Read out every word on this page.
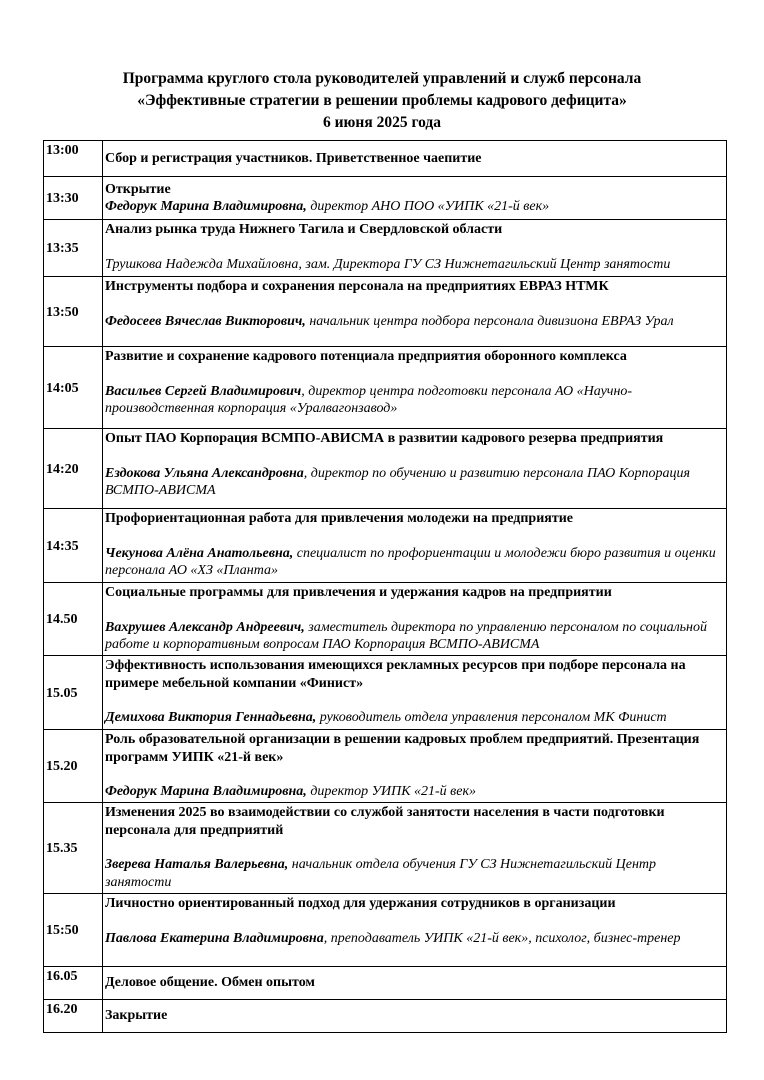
Программа круглого стола руководителей управлений и служб персонала
«Эффективные стратегии в решении проблемы кадрового дефицита»
6 июня 2025 года
13:00	Сбор и регистрация участников. Приветственное чаепитие

13:30	Открытие
Федорук Марина Владимировна, директор АНО ПОО «УИПК «21-й век»

13:35	Анализ рынка труда Нижнего Тагила и Свердловской области
Трушкова Надежда Михайловна, зам. Директора ГУ СЗ Нижнетагильский Центр занятости

13:50	Инструменты подбора и сохранения персонала на предприятиях ЕВРАЗ НТМК
Федосеев Вячеслав Викторович, начальник центра подбора персонала дивизиона ЕВРАЗ Урал

14:05	Развитие и сохранение кадрового потенциала предприятия оборонного комплекса
Васильев Сергей Владимирович, директор центра подготовки персонала АО «Научно-производственная корпорация «Уралвагонзавод»

14:20	Опыт ПАО Корпорация ВСМПО-АВИСМА в развитии кадрового резерва предприятия
Ездокова Ульяна Александровна, директор по обучению и развитию персонала ПАО Корпорация ВСМПО-АВИСМА

14:35	Профориентационная работа для привлечения молодежи на предприятие
Чекунова Алёна Анатольевна, специалист по профориентации и молодежи бюро развития и оценки персонала АО «ХЗ «Планта»

14.50	Социальные программы для привлечения и удержания кадров на предприятии
Вахрушев Александр Андреевич, заместитель директора по управлению персоналом по социальной работе и корпоративным вопросам ПАО Корпорация ВСМПО-АВИСМА

15.05	Эффективность использования имеющихся рекламных ресурсов при подборе персонала на примере мебельной компании «Финист»
Демихова Виктория Геннадьевна, руководитель отдела управления персоналом МК Финист

15.20	Роль образовательной организации в решении кадровых проблем предприятий. Презентация программ УИПК «21-й век»
Федорук Марина Владимировна, директор УИПК «21-й век»

15.35	Изменения 2025 во взаимодействии со службой занятости населения в части подготовки персонала для предприятий
Зверева Наталья Валерьевна, начальник отдела обучения ГУ СЗ Нижнетагильский Центр занятости

15:50	Личностно ориентированный подход для удержания сотрудников в организации
Павлова Екатерина Владимировна, преподаватель УИПК «21-й век», психолог, бизнес-тренер

16.05	Деловое общение. Обмен опытом

16.20	Закрытие
